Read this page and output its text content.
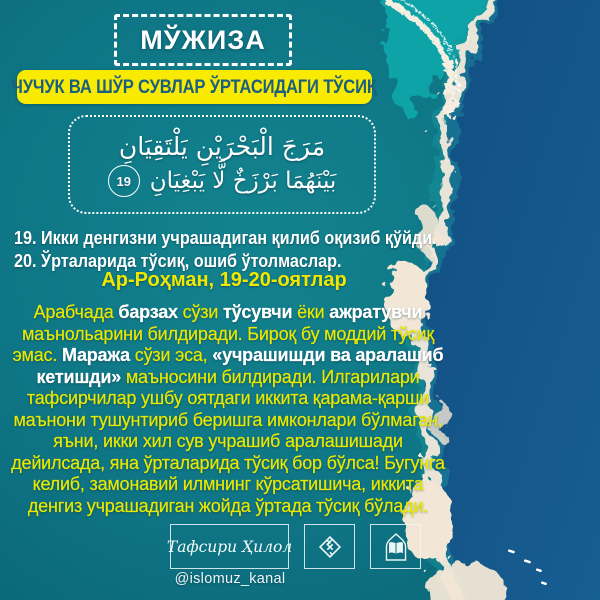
МЎЖИЗА
ЧУЧУК ВА ШЎР СУВЛАР ЎРТАСИДАГИ ТЎСИҚ
مَرَجَ الْبَحْرَيْنِ يَلْتَقِيَانِ
19 بَيْنَهُمَا بَرْزَخٌ لَّا يَبْغِيَانِ
19. Икки денгизни учрашадиган қилиб оқизиб қўйди.
20. Ўрталарида тўсиқ, ошиб ўтолмаслар.
Ар-Роҳман, 19-20-оятлар
Арабчада барзах сўзи тўсувчи ёки ажратувчи маънольарини билдиради. Бироқ бу моддий тўсиқ эмас. Маража сўзи эса, «учрашишди ва аралашиб кетишди» маъносини билдиради. Илгарилари тафсирчилар ушбу оятдаги иккита қарама-қарши маънони тушунтириб беришга имконлари бўлмаган, яъни, икки хил сув учрашиб аралашишади дейилсада, яна ўрталарида тўсиқ бор бўлса! Бугунга келиб, замонавий илмнинг кўрсатишича, иккита денгиз учрашадиган жойда ўртада тўсиқ бўлади.
Тафсири Ҳилол
@islomuz_kanal
